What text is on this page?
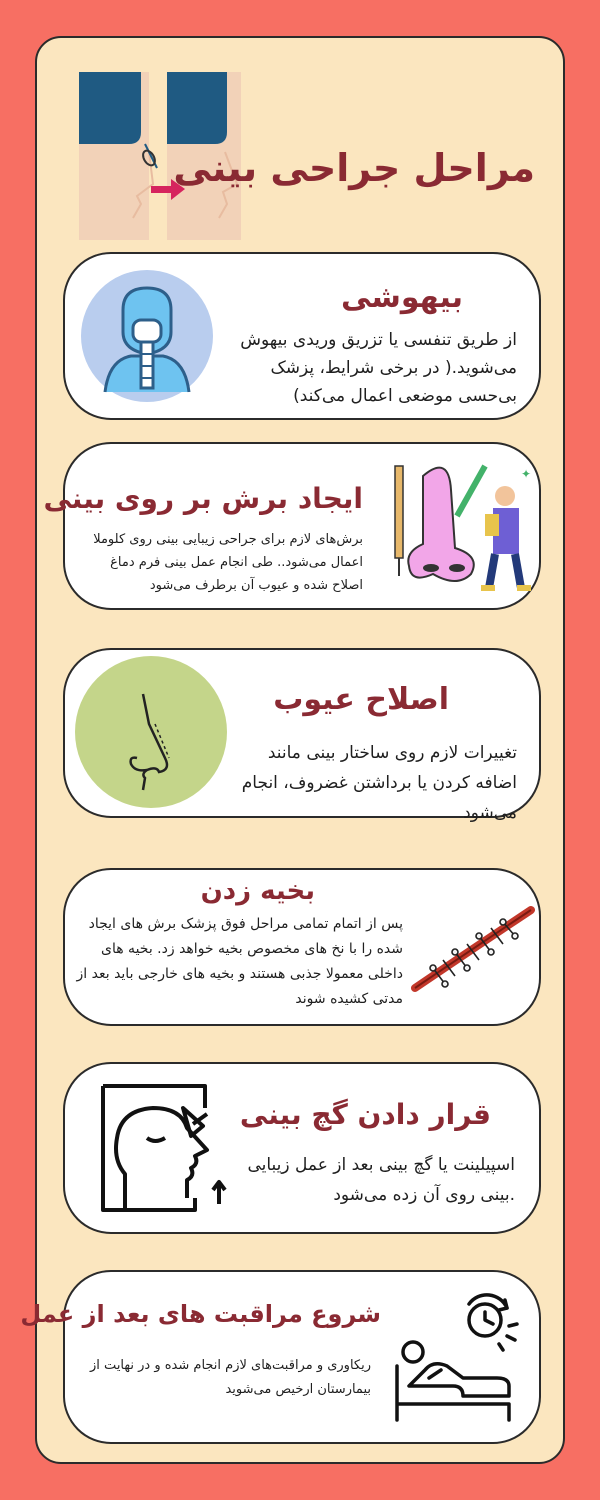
مراحل جراحی بینی
بیهوشی
از طریق تنفسی یا تزریق وریدی بیهوش می‌شوید.( در برخی شرایط، پزشک بی‌حسی موضعی اعمال می‌کند)
ایجاد برش بر روی بینی
برش‌های لازم برای جراحی زیبایی بینی روی کلوملا اعمال می‌شود.. طی انجام عمل بینی فرم دماغ اصلاح شده و عیوب آن برطرف می‌شود
✦
اصلاح عیوب
تغییرات لازم روی ساختار بینی مانند اضافه کردن یا برداشتن غضروف، انجام می‌شود
بخیه زدن
پس از اتمام تمامی مراحل فوق پزشک برش های ایجاد شده را با نخ های مخصوص بخیه خواهد زد. بخیه های داخلی معمولا جذبی هستند و بخیه های خارجی باید بعد از مدتی کشیده شوند
قرار دادن گچ بینی
اسپیلینت یا گچ بینی بعد از عمل زیبایی .بینی روی آن زده می‌شود
شروع مراقبت های بعد از عمل
ریکاوری و مراقبت‌های لازم انجام شده و در نهایت از بیمارستان ارخیص می‌شوید
